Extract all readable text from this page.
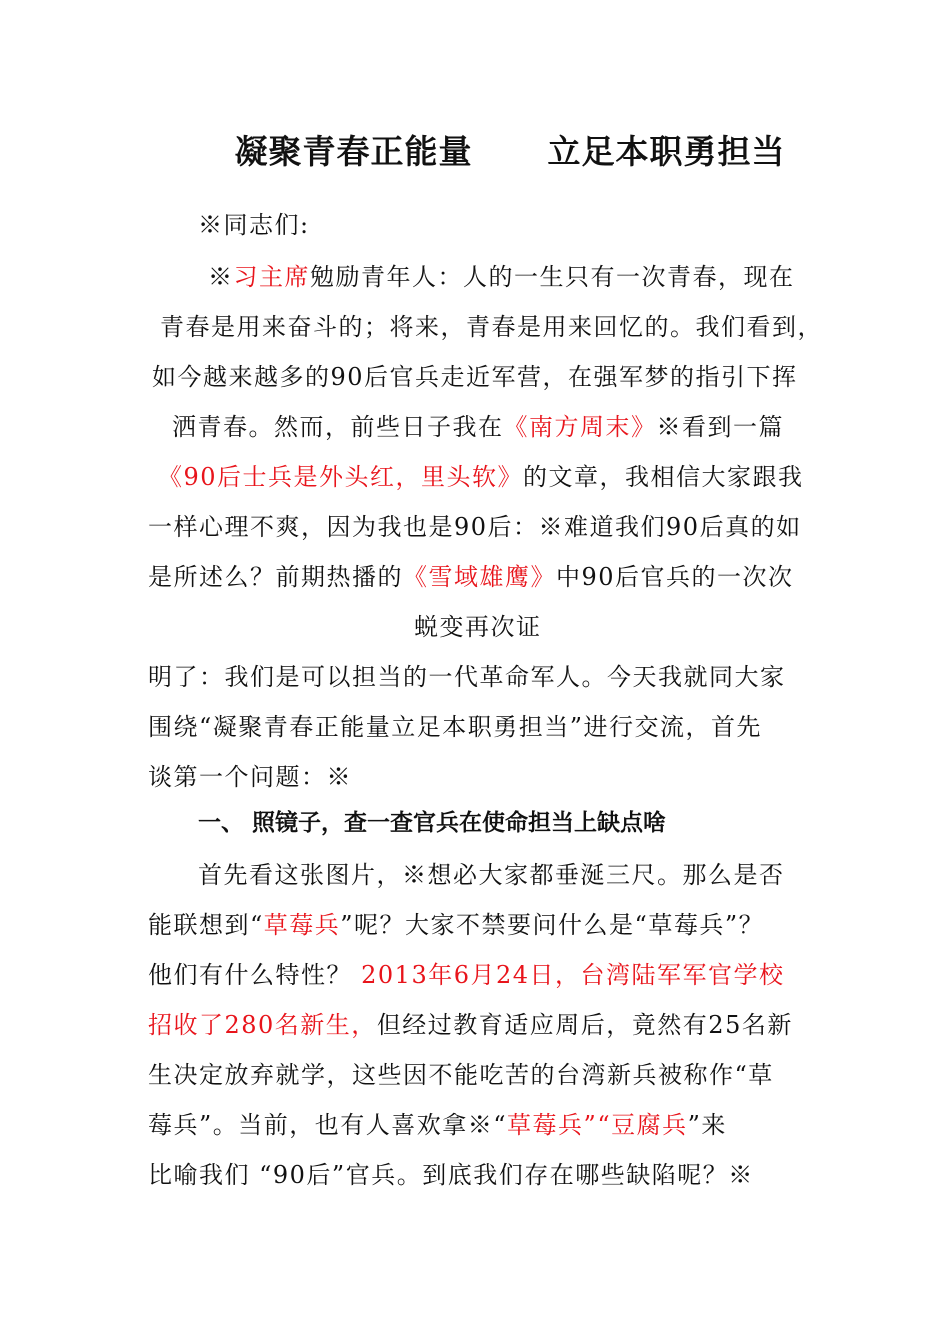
凝聚青春正能量      立足本职勇担当
※同志们:
※习主席勉励青年人：人的一生只有一次青春，现在
青春是用来奋斗的；将来，青春是用来回忆的。我们看到，
如今越来越多的90后官兵走近军营，在强军梦的指引下挥
洒青春。然而，前些日子我在《南方周末》※看到一篇
《90后士兵是外头红，里头软》的文章，我相信大家跟我
一样心理不爽，因为我也是90后：※难道我们90后真的如
是所述么？前期热播的《雪域雄鹰》中90后官兵的一次次
蜕变再次证
明了：我们是可以担当的一代革命军人。今天我就同大家
围绕“凝聚青春正能量立足本职勇担当”进行交流，首先
谈第一个问题：※
一、 照镜子，查一查官兵在使命担当上缺点啥
首先看这张图片，※想必大家都垂涎三尺。那么是否
能联想到“草莓兵”呢？大家不禁要问什么是“草莓兵”？
他们有什么特性？ 2013年6月24日，台湾陆军军官学校
招收了280名新生，但经过教育适应周后，竟然有25名新
生决定放弃就学，这些因不能吃苦的台湾新兵被称作“草
莓兵”。当前，也有人喜欢拿※“草莓兵”“豆腐兵”来
比喻我们 “90后”官兵。到底我们存在哪些缺陷呢？※
